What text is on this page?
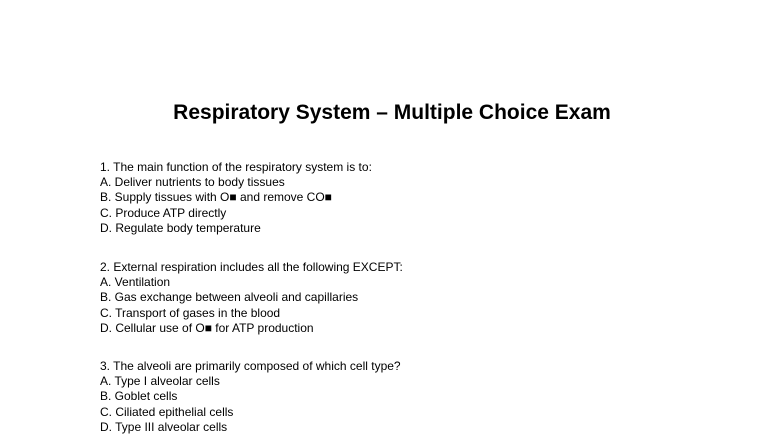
Respiratory System – Multiple Choice Exam
1. The main function of the respiratory system is to:
A. Deliver nutrients to body tissues
B. Supply tissues with O■ and remove CO■
C. Produce ATP directly
D. Regulate body temperature
2. External respiration includes all the following EXCEPT:
A. Ventilation
B. Gas exchange between alveoli and capillaries
C. Transport of gases in the blood
D. Cellular use of O■ for ATP production
3. The alveoli are primarily composed of which cell type?
A. Type I alveolar cells
B. Goblet cells
C. Ciliated epithelial cells
D. Type III alveolar cells
